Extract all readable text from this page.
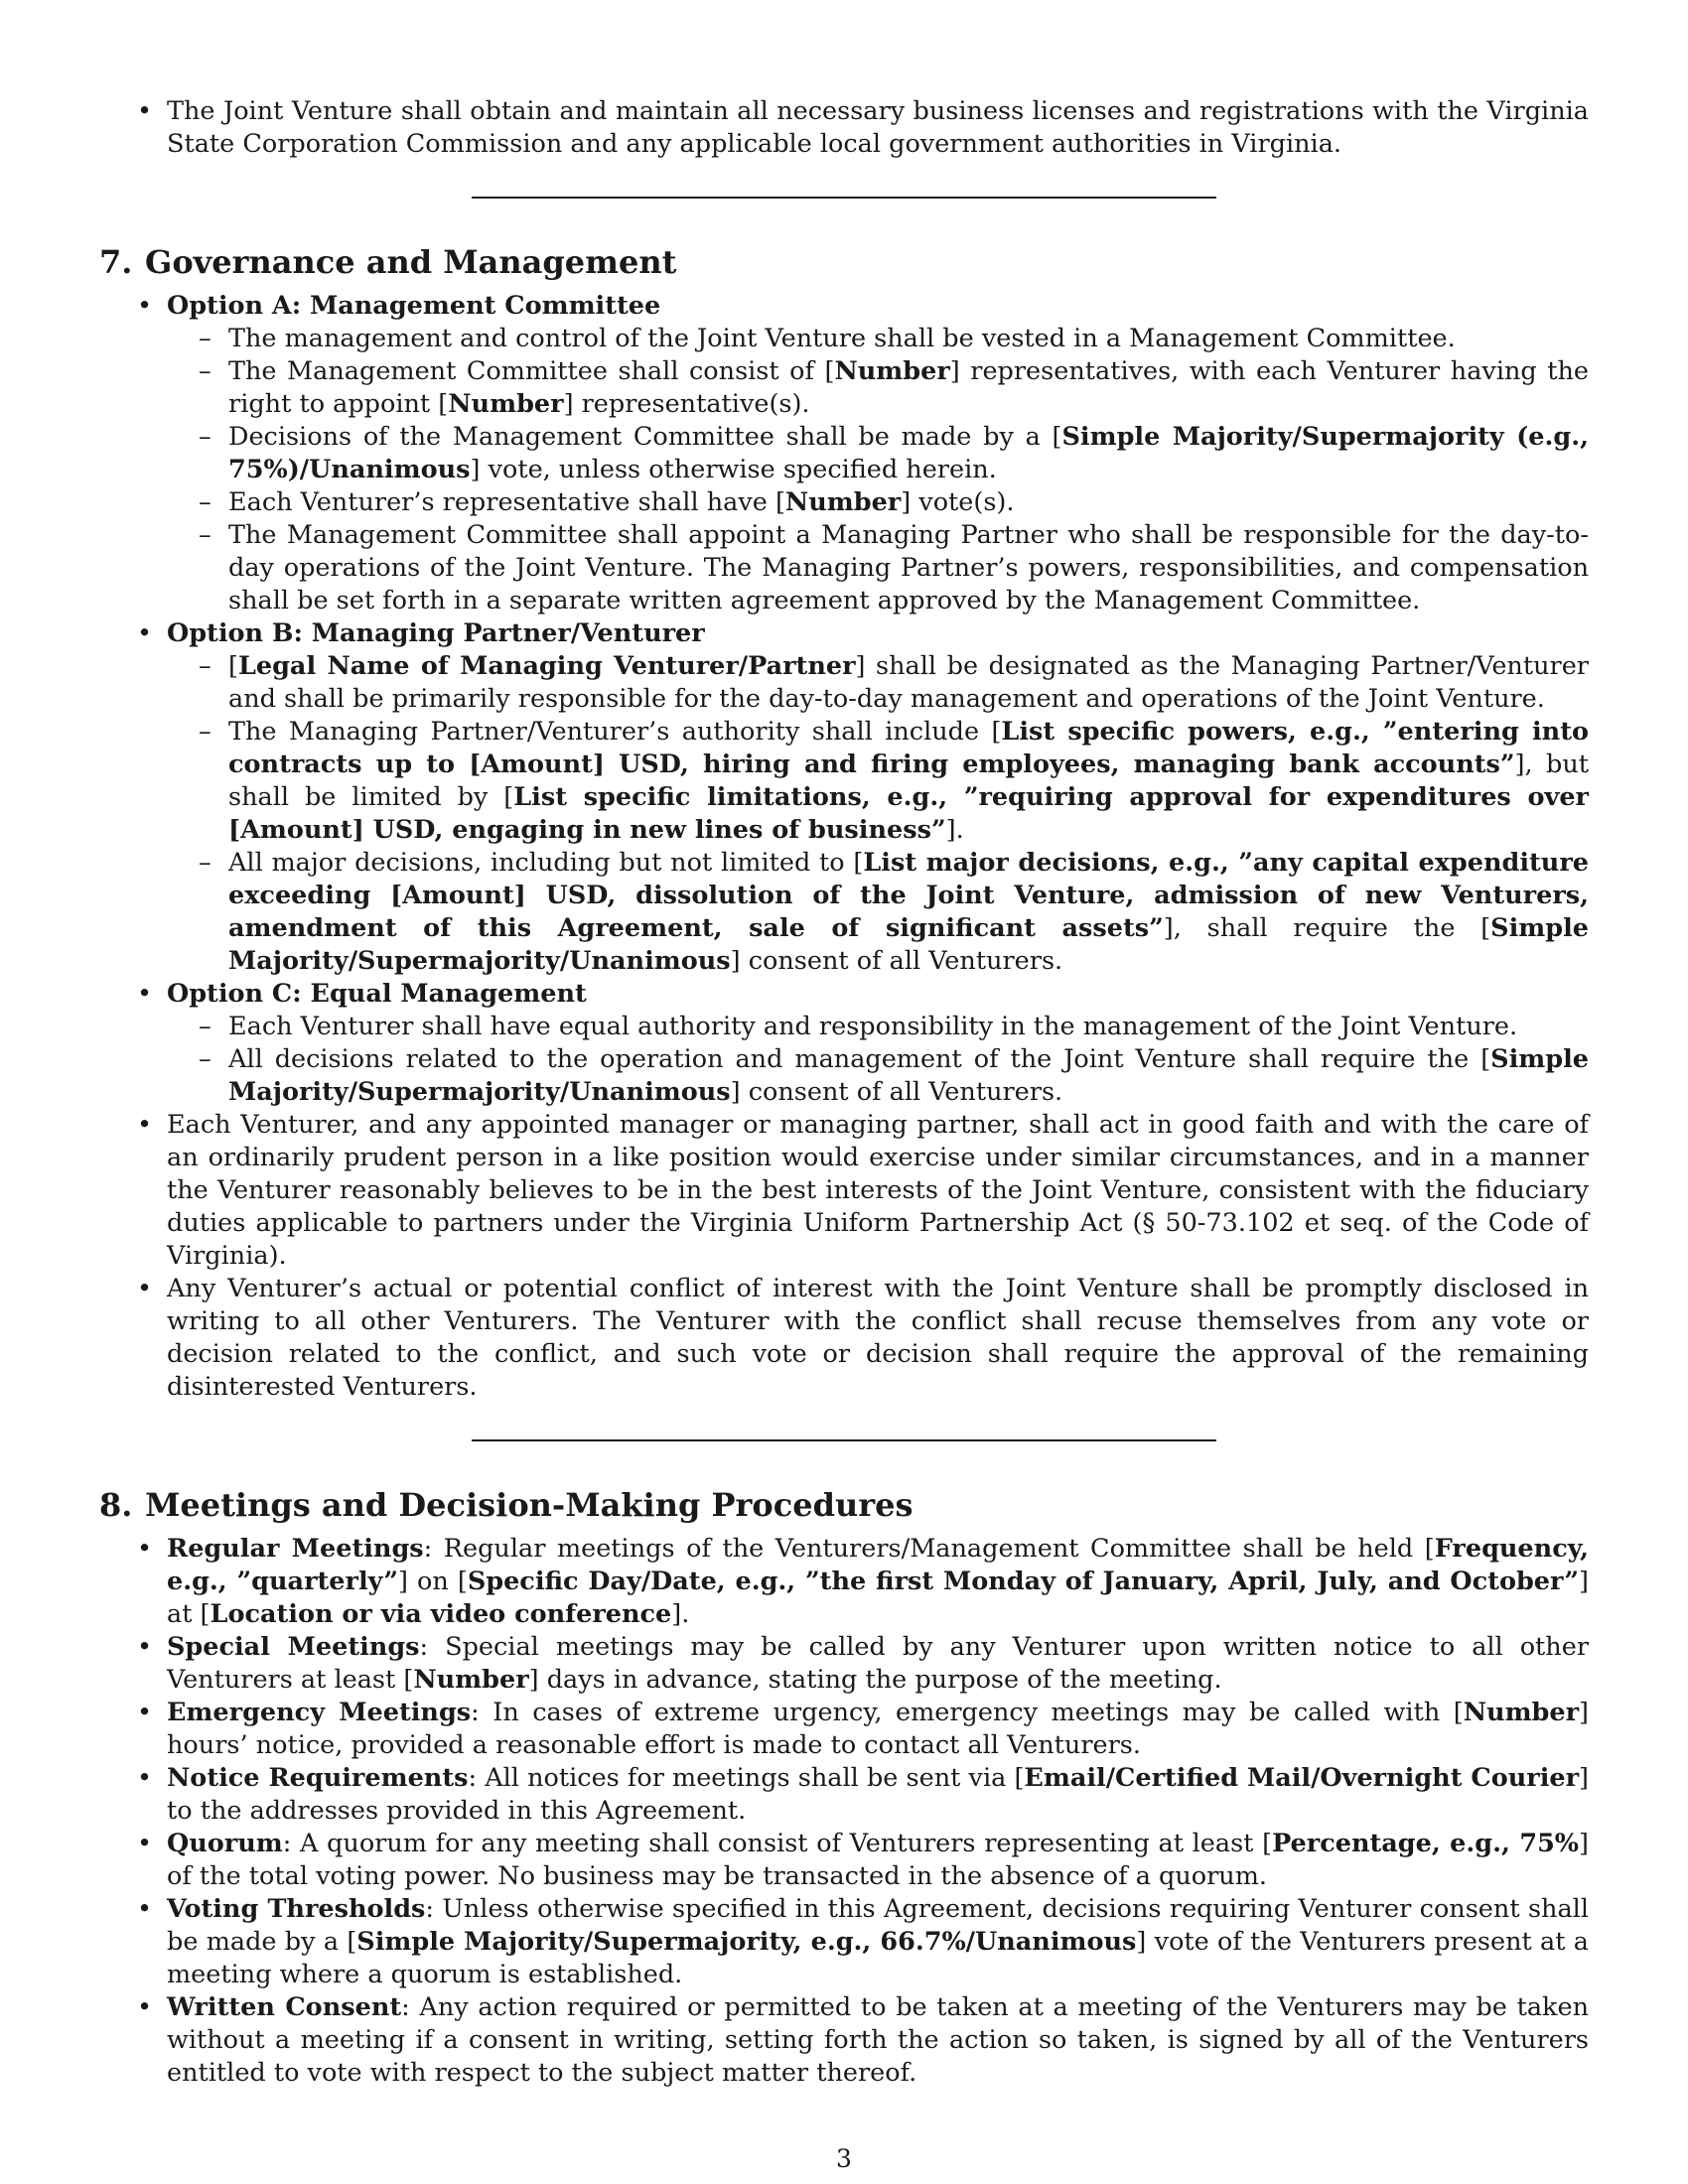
• The Joint Venture shall obtain and maintain all necessary business licenses and registrations with the Virginia State Corporation Commission and any applicable local government authorities in Virginia.
7. Governance and Management
• Option A: Management Committee
– The management and control of the Joint Venture shall be vested in a Management Committee.
– The Management Committee shall consist of [Number] representatives, with each Venturer having the right to appoint [Number] representative(s).
– Decisions of the Management Committee shall be made by a [Simple Majority/Supermajority (e.g., 75%)/Unanimous] vote, unless otherwise specified herein.
– Each Venturer’s representative shall have [Number] vote(s).
– The Management Committee shall appoint a Managing Partner who shall be responsible for the day-to-day operations of the Joint Venture. The Managing Partner’s powers, responsibilities, and compensation shall be set forth in a separate written agreement approved by the Management Committee.
• Option B: Managing Partner/Venturer
– [Legal Name of Managing Venturer/Partner] shall be designated as the Managing Partner/Venturer and shall be primarily responsible for the day-to-day management and operations of the Joint Venture.
– The Managing Partner/Venturer’s authority shall include [List specific powers, e.g., ”entering into contracts up to [Amount] USD, hiring and firing employees, managing bank accounts”], but shall be limited by [List specific limitations, e.g., ”requiring approval for expenditures over [Amount] USD, engaging in new lines of business”].
– All major decisions, including but not limited to [List major decisions, e.g., ”any capital expenditure exceeding [Amount] USD, dissolution of the Joint Venture, admission of new Venturers, amendment of this Agreement, sale of significant assets”], shall require the [Simple Majority/Supermajority/Unanimous] consent of all Venturers.
• Option C: Equal Management
– Each Venturer shall have equal authority and responsibility in the management of the Joint Venture.
– All decisions related to the operation and management of the Joint Venture shall require the [Simple Majority/Supermajority/Unanimous] consent of all Venturers.
• Each Venturer, and any appointed manager or managing partner, shall act in good faith and with the care of an ordinarily prudent person in a like position would exercise under similar circumstances, and in a manner the Venturer reasonably believes to be in the best interests of the Joint Venture, consistent with the fiduciary duties applicable to partners under the Virginia Uniform Partnership Act (§ 50-73.102 et seq. of the Code of Virginia).
• Any Venturer’s actual or potential conflict of interest with the Joint Venture shall be promptly disclosed in writing to all other Venturers. The Venturer with the conflict shall recuse themselves from any vote or decision related to the conflict, and such vote or decision shall require the approval of the remaining disinterested Venturers.
8. Meetings and Decision-Making Procedures
• Regular Meetings: Regular meetings of the Venturers/Management Committee shall be held [Frequency, e.g., ”quarterly”] on [Specific Day/Date, e.g., ”the first Monday of January, April, July, and October”] at [Location or via video conference].
• Special Meetings: Special meetings may be called by any Venturer upon written notice to all other Venturers at least [Number] days in advance, stating the purpose of the meeting.
• Emergency Meetings: In cases of extreme urgency, emergency meetings may be called with [Number] hours’ notice, provided a reasonable effort is made to contact all Venturers.
• Notice Requirements: All notices for meetings shall be sent via [Email/Certified Mail/Overnight Courier] to the addresses provided in this Agreement.
• Quorum: A quorum for any meeting shall consist of Venturers representing at least [Percentage, e.g., 75%] of the total voting power. No business may be transacted in the absence of a quorum.
• Voting Thresholds: Unless otherwise specified in this Agreement, decisions requiring Venturer consent shall be made by a [Simple Majority/Supermajority, e.g., 66.7%/Unanimous] vote of the Venturers present at a meeting where a quorum is established.
• Written Consent: Any action required or permitted to be taken at a meeting of the Venturers may be taken without a meeting if a consent in writing, setting forth the action so taken, is signed by all of the Venturers entitled to vote with respect to the subject matter thereof.
3
